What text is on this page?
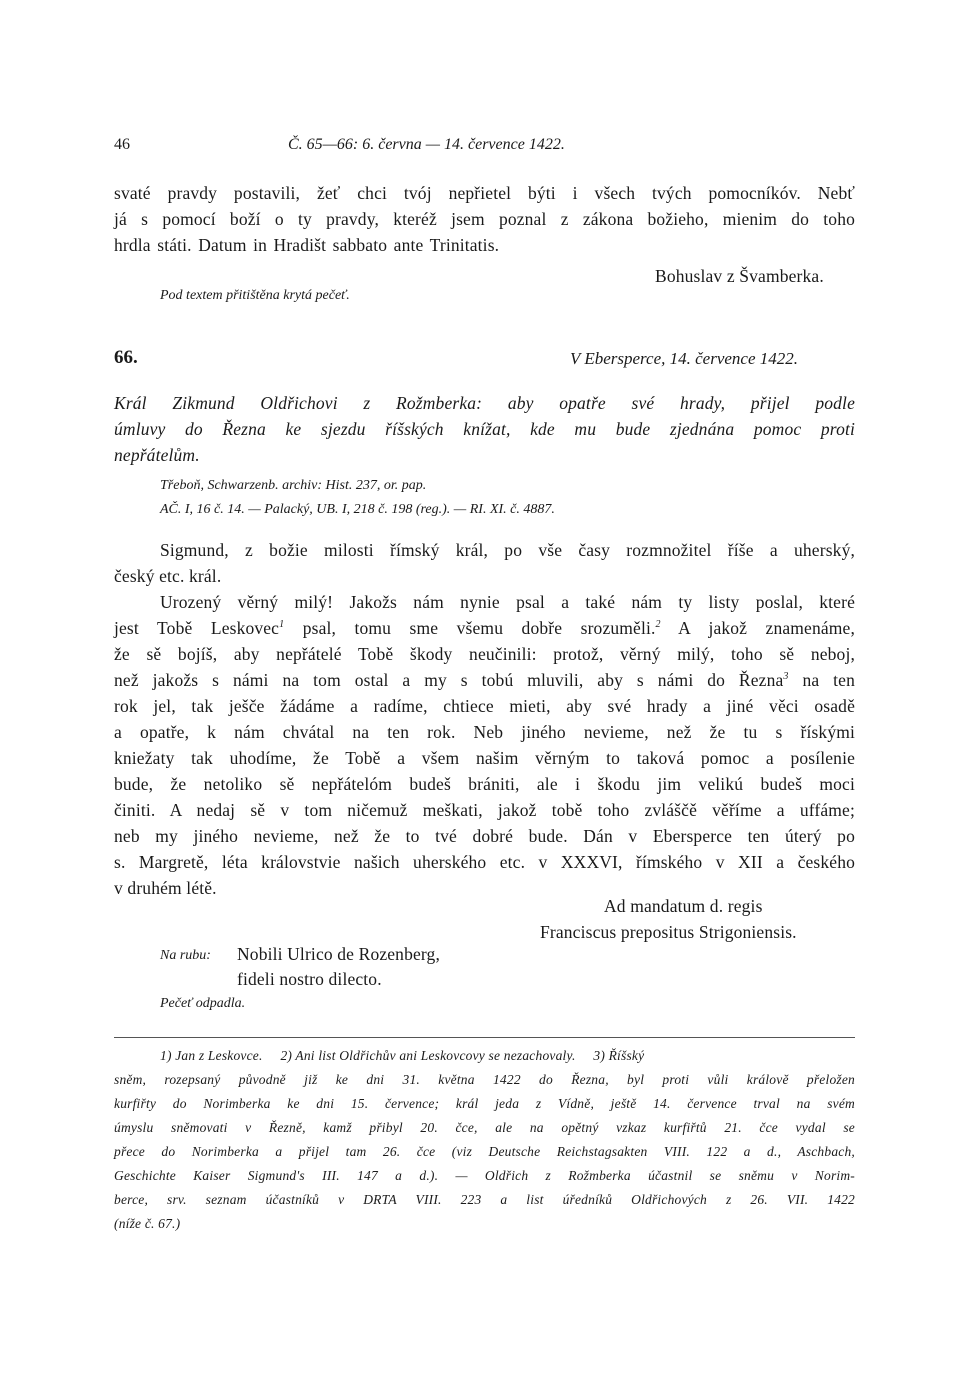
46	Č. 65—66: 6. června — 14. července 1422.
svaté pravdy postavili, žeť chci tvój nepřietel býti i všech tvých pomocníkóv. Nebť
já s pomocí boží o ty pravdy, kteréž jsem poznal z zákona božieho, mienim do toho
hrdla státi. Datum in Hradišt sabbato ante Trinitatis.
Bohuslav z Švamberka.
Pod textem přitištěna krytá pečeť.
66.	V Ebersperce, 14. července 1422.
Král Zikmund Oldřichovi z Rožmberka: aby opatře své hrady, přijel podle
úmluvy do Řezna ke sjezdu říšských knížat, kde mu bude zjednána pomoc proti
nepřátelům.
Třeboň, Schwarzenb. archiv: Hist. 237, or. pap.
AČ. I, 16 č. 14. — Palacký, UB. I, 218 č. 198 (reg.). — RI. XI. č. 4887.
Sigmund, z božie milosti římský král, po vše časy rozmnožitel říše a uherský,
český etc. král.
Urozený věrný milý! Jakožs nám nynie psal a také nám ty listy poslal, které
jest Tobě Leskovec$^1$ psal, tomu sme všemu dobře srozuměli.$^2$ A jakož znamenáme,
že sě bojíš, aby nepřátelé Tobě škody neučinili: protož, věrný milý, toho sě neboj,
než jakožs s námi na tom ostal a my s tobú mluvili, aby s námi do Řezna$^3$ na ten
rok jel, tak ješče žádáme a radíme, chtiece mieti, aby své hrady a jiné věci osadě
a opatře, k nám chvátal na ten rok. Neb jiného nevieme, než že tu s řískými
kniežaty tak uhodíme, že Tobě a všem našim věrným to taková pomoc a posílenie
bude, že netoliko sě nepřátelóm budeš brániti, ale i škodu jim velikú budeš moci
činiti. A nedaj sě v tom ničemuž meškati, jakož tobě toho zvláščě věříme a uffáme;
neb my jiného nevieme, než že to tvé dobré bude. Dán v Ebersperce ten úterý po
s. Margretě, léta královstvie našich uherského etc. v XXXVI, římského v XII a českého
v druhém létě.
Ad mandatum d. regis
Franciscus prepositus Strigoniensis.
Na rubu: Nobili Ulrico de Rozenberg,
fideli nostro dilecto.
Pečeť odpadla.
1) Jan z Leskovce.     2) Ani list Oldřichův ani Leskovcovy se nezachovaly.     3) Říšský
sněm, rozepsaný původně již ke dni 31. května 1422 do Řezna, byl proti vůli královĕ přeložen
kurfiřty do Norimberka ke dni 15. července; král jeda z Vídně, ještě 14. července trval na svém
úmyslu sněmovati v Řezně, kamž přibyl 20. čce, ale na opětný vzkaz kurfiřtů 21. čce vydal se
přece do Norimberka a přijel tam 26. čce (viz Deutsche Reichstagsakten VIII. 122 a d., Aschbach,
Geschichte Kaiser Sigmund's III. 147 a d.). — Oldřich z Rožmberka účastnil se sněmu v Norim-
berce, srv. seznam účastníků v DRTA VIII. 223 a list úředníků Oldřichových z 26. VII. 1422
(níže č. 67.)
